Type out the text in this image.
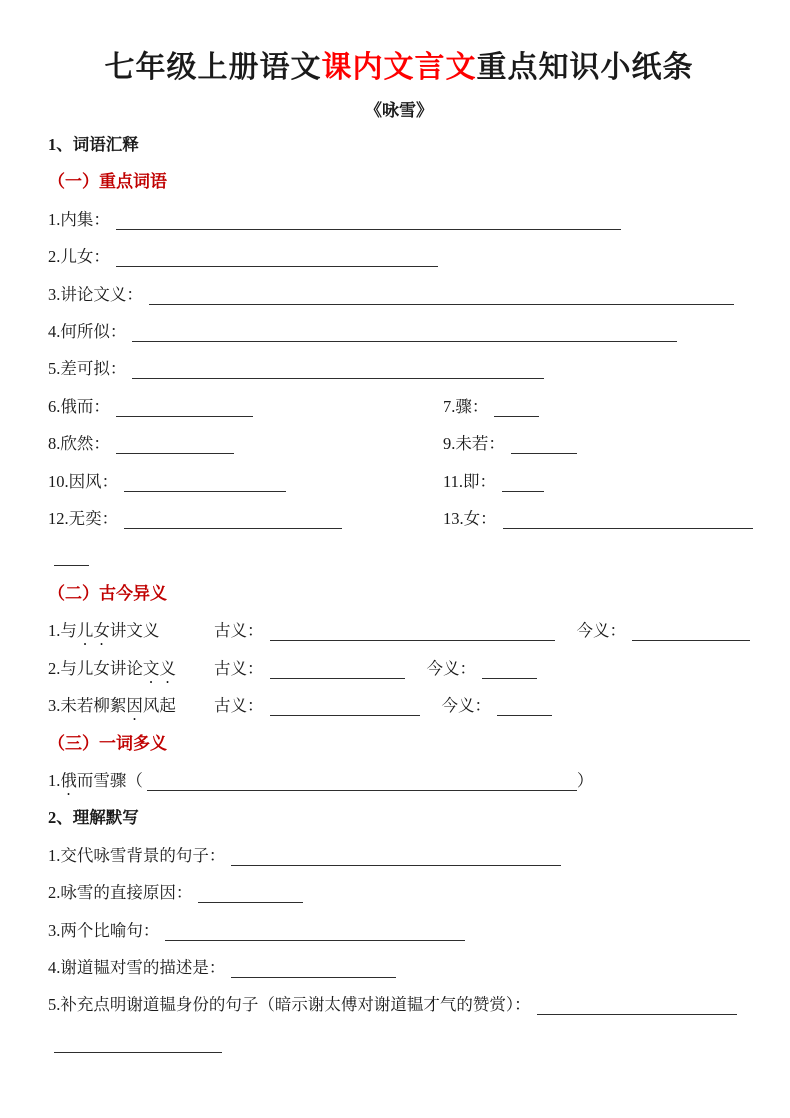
七年级上册语文课内文言文重点知识小纸条
《咏雪》
1、词语汇释
（一）重点词语
1.内集：
2.儿女：
3.讲论文义：
4.何所似：
5.差可拟：
6.俄而：	7.骤：
8.欣然：	9.未若：
10.因风：	11.即：
12.无奕：	13.女：
（二）古今异义
1.与儿女讲文义	古义：	今义：
2.与儿女讲论文义 古义：	今义：
3.未若柳絮因风起 古义：	今义：
（三）一词多义
1.俄而雪骤（	）
2、理解默写
1.交代咏雪背景的句子：
2.咏雪的直接原因：
3.两个比喻句：
4.谢道韫对雪的描述是：
5.补充点明谢道韫身份的句子（暗示谢太傅对谢道韫才气的赞赏）：
